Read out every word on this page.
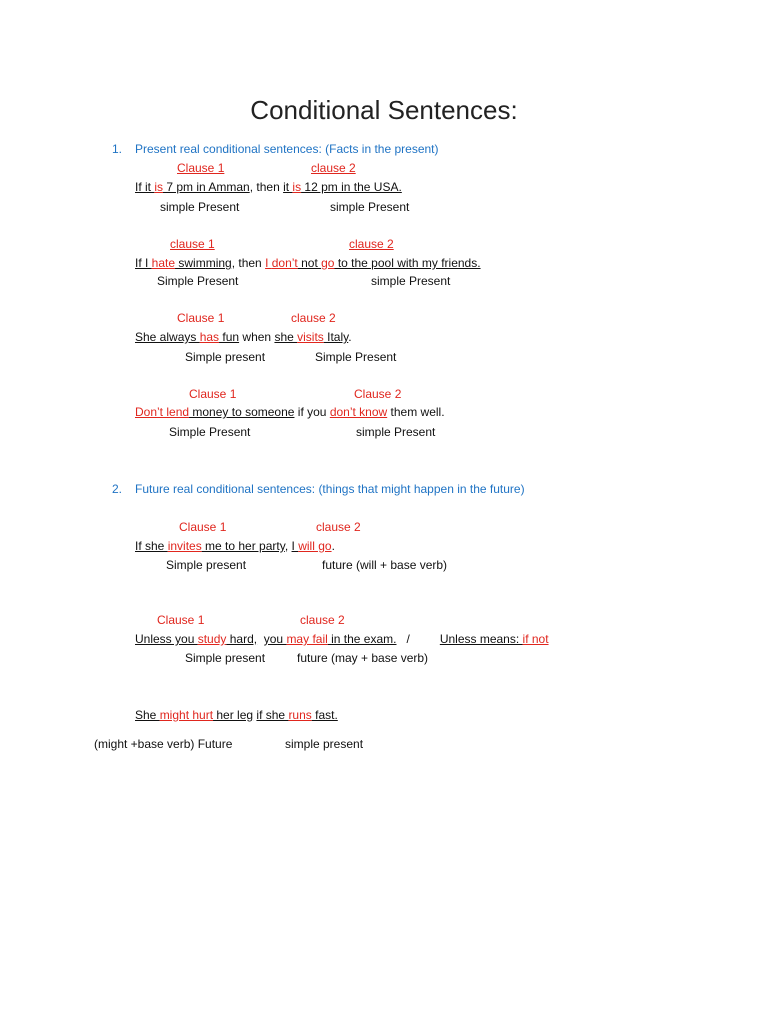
Conditional Sentences:
1. Present real conditional sentences: (Facts in the present)
Clause 1	clause 2
If it is 7 pm in Amman, then it is 12 pm in the USA.
simple Present	simple Present
clause 1	clause 2
If I hate swimming, then I don’t not go to the pool with my friends.
Simple Present	simple Present
Clause 1	clause 2
She always has fun when she visits Italy.
Simple present	Simple Present
Clause 1	Clause 2
Don’t lend money to someone if you don’t know them well.
Simple Present	simple Present
2. Future real conditional sentences: (things that might happen in the future)
Clause 1	clause 2
If she invites me to her party, I will go.
Simple present	future (will + base verb)
Clause 1	clause 2
Unless you study hard, you may fail in the exam.   /   Unless means: if not
Simple present	future (may + base verb)
She might hurt her leg if she runs fast.
(might +base verb) Future	simple present
